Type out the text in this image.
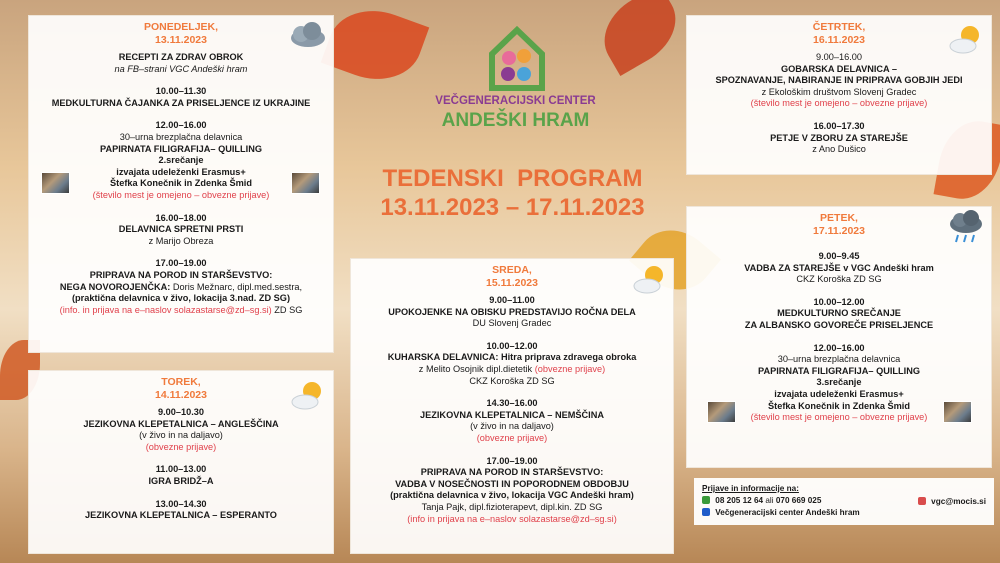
PONEDELJEK,
13.11.2023
RECEPTI ZA ZDRAV OBROK
na FB–strani VGC Andeški hram
10.00–11.30
MEDKULTURNA ČAJANKA ZA PRISELJENCE IZ UKRAJINE
12.00–16.00
30–urna brezplačna delavnica
PAPIRNATA FILIGRAFIJA– QUILLING
2.srečanje
izvajata udeleženki Erasmus+
Štefka Konečnik in Zdenka Šmid
(število mest je omejeno – obvezne prijave)
16.00–18.00
DELAVNICA SPRETNI PRSTI
z Marijo Obreza
17.00–19.00
PRIPRAVA NA POROD IN STARŠEVSTVO:
NEGA NOVOROJENČKA: Doris Mežnarc, dipl.med.sestra,
(praktična delavnica v živo, lokacija 3.nad. ZD SG)
(info. in prijava na e–naslov solazastarse@zd–sg.si) ZD SG
TOREK,
14.11.2023
9.00–10.30
JEZIKOVNA KLEPETALNICA – ANGLEŠČINA
(v živo in na daljavo)
(obvezne prijave)
11.00–13.00
IGRA BRIDŽ–A
13.00–14.30
JEZIKOVNA KLEPETALNICA – ESPERANTO
VEČGENERACIJSKI CENTER
ANDEŠKI HRAM
TEDENSKI  PROGRAM
13.11.2023 – 17.11.2023
SREDA,
15.11.2023
9.00–11.00
UPOKOJENKE NA OBISKU PREDSTAVIJO ROČNA DELA
DU Slovenj Gradec
10.00–12.00
KUHARSKA DELAVNICA: Hitra priprava zdravega obroka
z Melito Osojnik dipl.dietetik (obvezne prijave)
CKZ Koroška ZD SG
14.30–16.00
JEZIKOVNA KLEPETALNICA – NEMŠČINA
(v živo in na daljavo)
(obvezne prijave)
17.00–19.00
PRIPRAVA NA POROD IN STARŠEVSTVO:
VADBA V NOSEČNOSTI IN POPORODNEM OBDOBJU
(praktična delavnica v živo, lokacija VGC Andeški hram)
Tanja Pajk, dipl.fizioterapevt, dipl.kin. ZD SG
(info in prijava na e–naslov solazastarse@zd–sg.si)
ČETRTEK,
16.11.2023
9.00–16.00
GOBARSKA DELAVNICA –
SPOZNAVANJE, NABIRANJE IN PRIPRAVA GOBJIH JEDI
z Ekološkim društvom Slovenj Gradec
(število mest je omejeno – obvezne prijave)
16.00–17.30
PETJE V ZBORU ZA STAREJŠE
z Ano Dušico
PETEK,
17.11.2023
9.00–9.45
VADBA ZA STAREJŠE v VGC Andeški hram
CKZ Koroška ZD SG
10.00–12.00
MEDKULTURNO SREČANJE
ZA ALBANSKO GOVOREČE PRISELJENCE
12.00–16.00
30–urna brezplačna delavnica
PAPIRNATA FILIGRAFIJA– QUILLING
3.srečanje
izvajata udeleženki Erasmus+
Štefka Konečnik in Zdenka Šmid
(število mest je omejeno – obvezne prijave)
Prijave in informacije na:
08 205 12 64 ali 070 669 025
Večgeneracijski center Andeški hram
vgc@mocis.si
